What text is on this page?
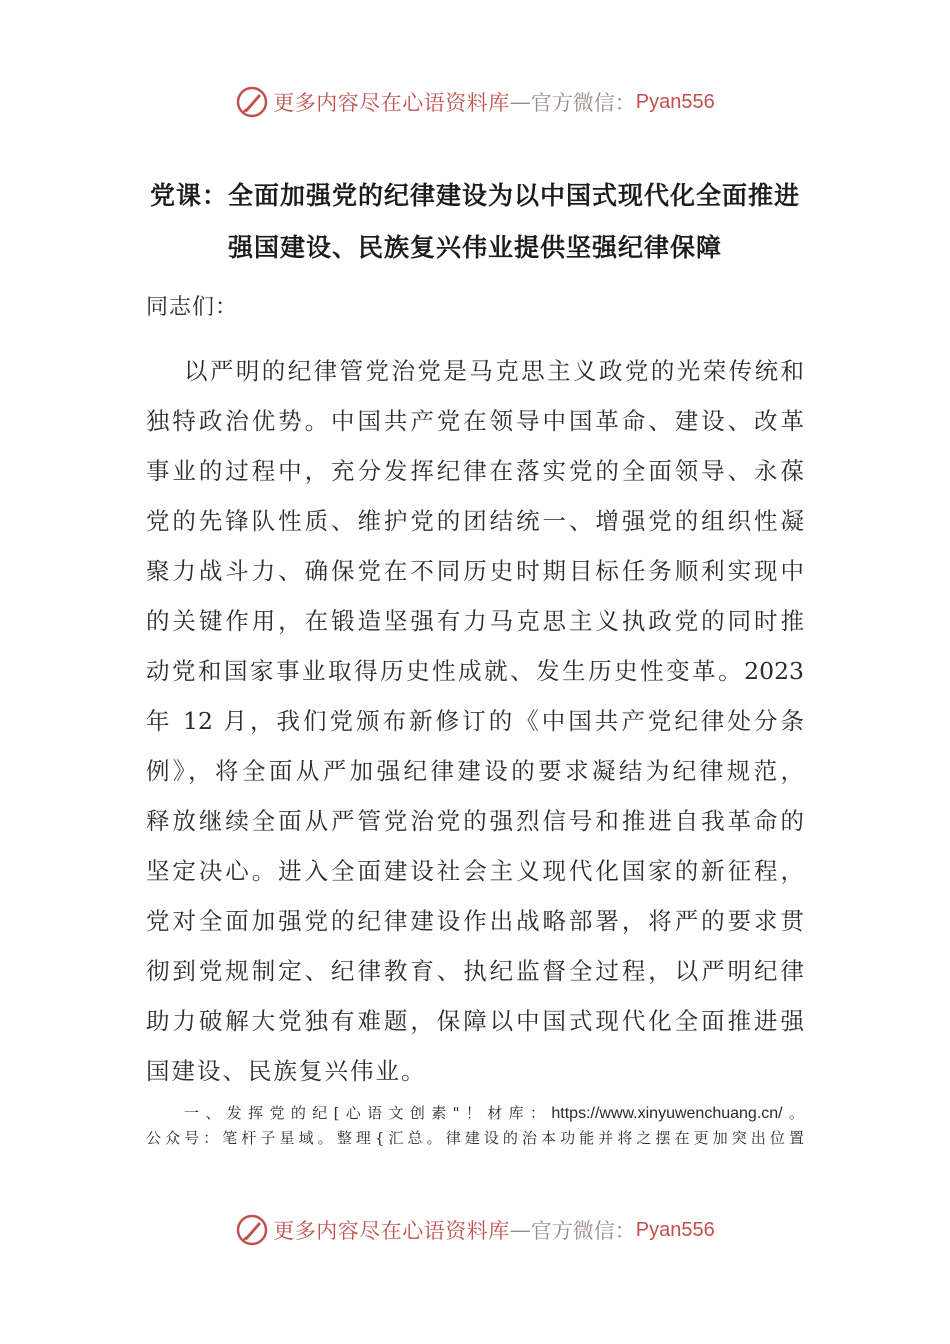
更多内容尽在心语资料库 — 官方微信： Pyan556
党课：全面加强党的纪律建设为以中国式现代化全面推进
强国建设、民族复兴伟业提供坚强纪律保障
同志们：
以严明的纪律管党治党是马克思主义政党的光荣传统和
独特政治优势。中国共产党在领导中国革命、建设、改革
事业的过程中，充分发挥纪律在落实党的全面领导、永葆
党的先锋队性质、维护党的团结统一、增强党的组织性凝
聚力战斗力、确保党在不同历史时期目标任务顺利实现中
的关键作用，在锻造坚强有力马克思主义执政党的同时推
动党和国家事业取得历史性成就、发生历史性变革。2023
年 12 月，我们党颁布新修订的《中国共产党纪律处分条
例》，将全面从严加强纪律建设的要求凝结为纪律规范，
释放继续全面从严管党治党的强烈信号和推进自我革命的
坚定决心。进入全面建设社会主义现代化国家的新征程，
党对全面加强党的纪律建设作出战略部署，将严的要求贯
彻到党规制定、纪律教育、执纪监督全过程，以严明纪律
助力破解大党独有难题，保障以中国式现代化全面推进强
国建设、民族复兴伟业。
一、发挥党的纪[心语文创素"！材库：https://www.xinyuwenchuang.cn/。
公众号：笔杆子星域。整理{汇总。律建设的治本功能并将之摆在更加突出位置
更多内容尽在心语资料库 — 官方微信： Pyan556
